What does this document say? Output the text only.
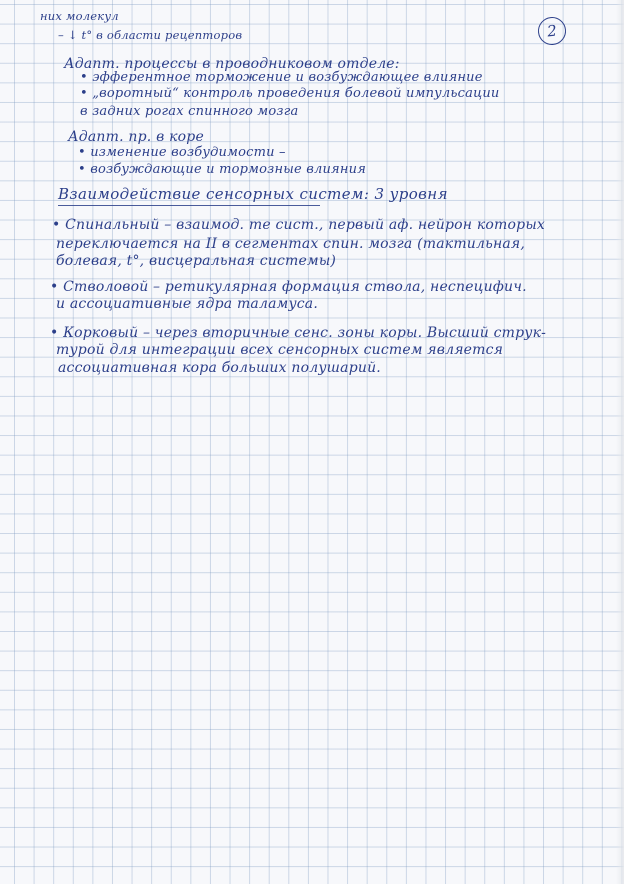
2
них молекул
– ↓ t° в области рецепторов
Адапт. процессы в проводниковом отделе:
• эфферентное торможение и возбуждающее влияние
• „воротный“ контроль проведения болевой импульсации
в задних рогах спинного мозга
Адапт. пр. в коре
• изменение возбудимости –
• возбуждающие и тормозные влияния
Взаимодействие сенсорных систем: 3 уровня
• Спинальный – взаимод. те сист., первый аф. нейрон которых
переключается на II в сегментах спин. мозга (тактильная,
болевая, t°, висцеральная системы)
• Стволовой – ретикулярная формация ствола, неспецифич.
и ассоциативные ядра таламуса.
• Корковый – через вторичные сенс. зоны коры. Высший струк-
турой для интеграции всех сенсорных систем является
ассоциативная кора больших полушарий.
